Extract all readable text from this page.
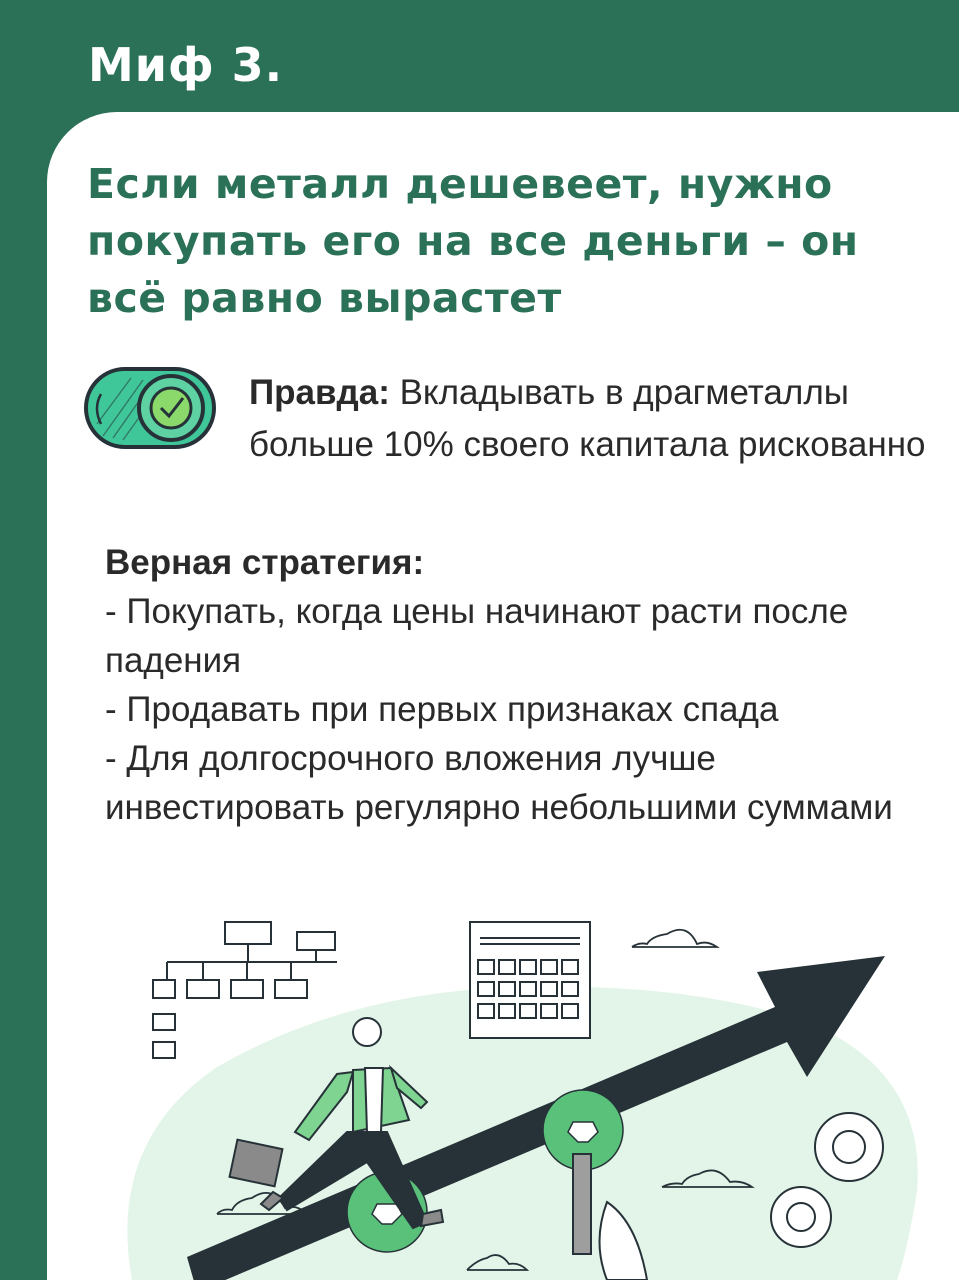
Миф 3.
Если металл дешевеет, нужно
покупать его на все деньги – он
всё равно вырастет
Правда: Вкладывать в драгметаллы больше 10% своего капитала рискованно
Верная стратегия:
- Покупать, когда цены начинают расти после падения
- Продавать при первых признаках спада
- Для долгосрочного вложения лучше инвестировать регулярно небольшими суммами
